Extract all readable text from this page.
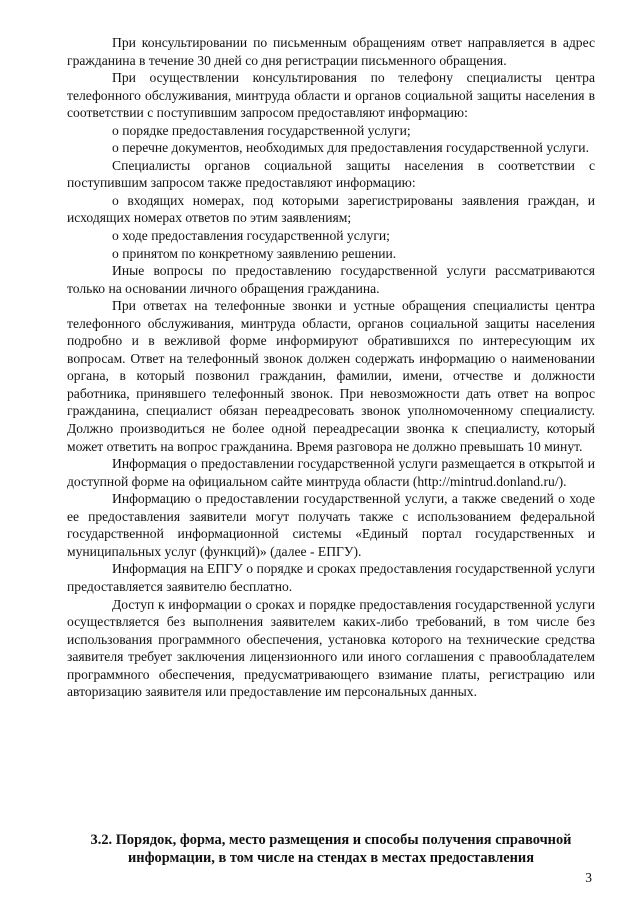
При консультировании по письменным обращениям ответ направляется в адрес гражданина в течение 30 дней со дня регистрации письменного обращения.

При осуществлении консультирования по телефону специалисты центра телефонного обслуживания, минтруда области и органов социальной защиты населения в соответствии с поступившим запросом предоставляют информацию:

о порядке предоставления государственной услуги;

о перечне документов, необходимых для предоставления государственной услуги.

Специалисты органов социальной защиты населения в соответствии с поступившим запросом также предоставляют информацию:

о входящих номерах, под которыми зарегистрированы заявления граждан, и исходящих номерах ответов по этим заявлениям;

о ходе предоставления государственной услуги;

о принятом по конкретному заявлению решении.

Иные вопросы по предоставлению государственной услуги рассматриваются только на основании личного обращения гражданина.

При ответах на телефонные звонки и устные обращения специалисты центра телефонного обслуживания, минтруда области, органов социальной защиты населения подробно и в вежливой форме информируют обратившихся по интересующим их вопросам. Ответ на телефонный звонок должен содержать информацию о наименовании органа, в который позвонил гражданин, фамилии, имени, отчестве и должности работника, принявшего телефонный звонок. При невозможности дать ответ на вопрос гражданина, специалист обязан переадресовать звонок уполномоченному специалисту. Должно производиться не более одной переадресации звонка к специалисту, который может ответить на вопрос гражданина. Время разговора не должно превышать 10 минут.

Информация о предоставлении государственной услуги размещается в открытой и доступной форме на официальном сайте минтруда области (http://mintrud.donland.ru/).

Информацию о предоставлении государственной услуги, а также сведений о ходе ее предоставления заявители могут получать также с использованием федеральной государственной информационной системы «Единый портал государственных и муниципальных услуг (функций)» (далее - ЕПГУ).

Информация на ЕПГУ о порядке и сроках предоставления государственной услуги предоставляется заявителю бесплатно.

Доступ к информации о сроках и порядке предоставления государственной услуги осуществляется без выполнения заявителем каких-либо требований, в том числе без использования программного обеспечения, установка которого на технические средства заявителя требует заключения лицензионного или иного соглашения с правообладателем программного обеспечения, предусматривающего взимание платы, регистрацию или авторизацию заявителя или предоставление им персональных данных.

3.2. Порядок, форма, место размещения и способы получения справочной информации, в том числе на стендах в местах предоставления

3
